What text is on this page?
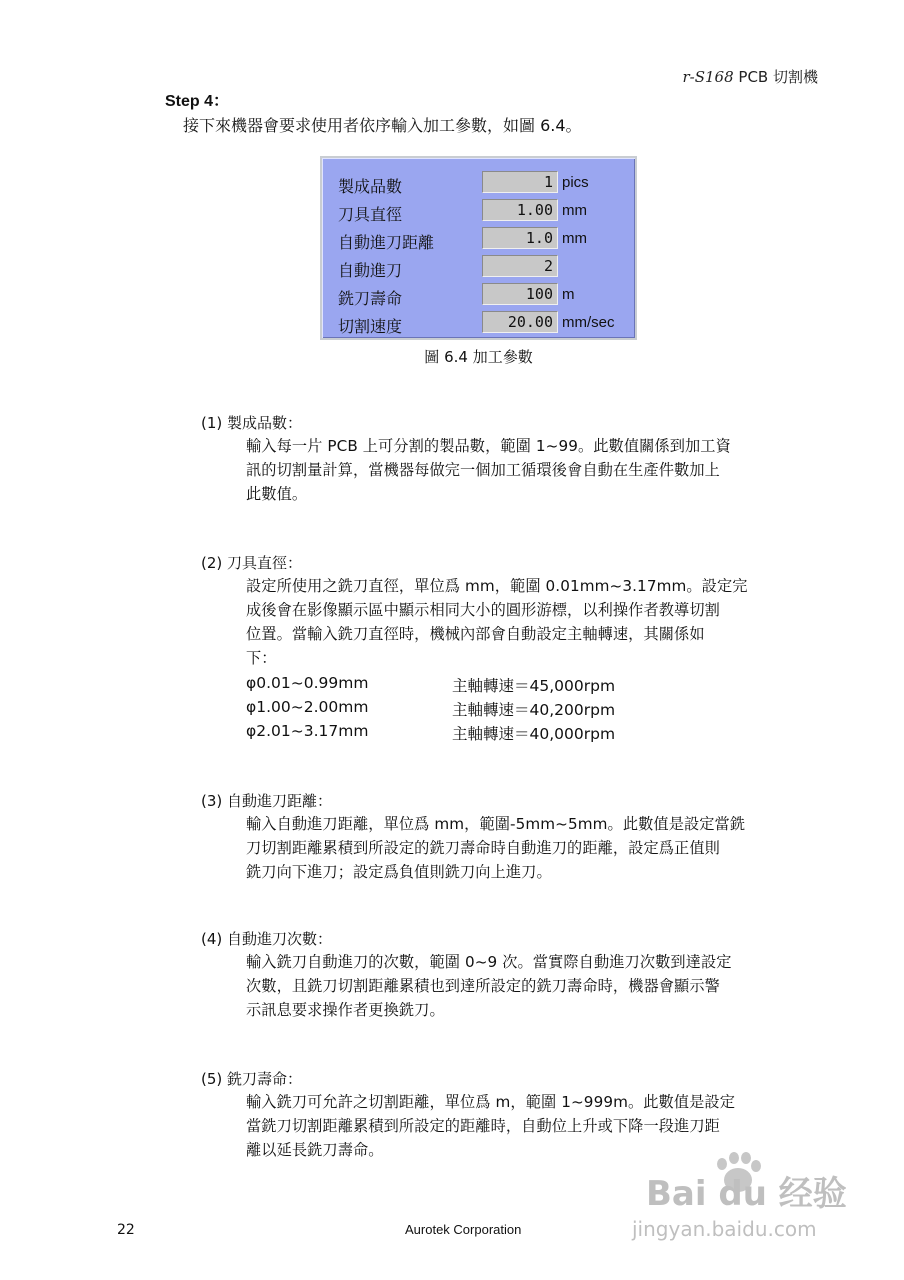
r-S168 PCB 切割機
Step 4：
接下來機器會要求使用者依序輸入加工參數，如圖 6.4。
製成品數	1 pics
刀具直徑	1.00 mm
自動進刀距離	1.0 mm
自動進刀	2
銑刀壽命	100 m
切割速度	20.00 mm/sec
圖 6.4 加工參數
(1) 製成品數：
輸入每一片 PCB 上可分割的製品數，範圍 1~99。此數值關係到加工資
訊的切割量計算，當機器每做完一個加工循環後會自動在生產件數加上
此數值。
(2) 刀具直徑：
設定所使用之銑刀直徑，單位爲 mm，範圍 0.01mm~3.17mm。設定完
成後會在影像顯示區中顯示相同大小的圓形游標，以利操作者教導切割
位置。當輸入銑刀直徑時，機械內部會自動設定主軸轉速，其關係如
下：
φ0.01~0.99mm	主軸轉速＝45,000rpm
φ1.00~2.00mm	主軸轉速＝40,200rpm
φ2.01~3.17mm	主軸轉速＝40,000rpm
(3) 自動進刀距離：
輸入自動進刀距離，單位爲 mm，範圍-5mm~5mm。此數值是設定當銑
刀切割距離累積到所設定的銑刀壽命時自動進刀的距離，設定爲正值則
銑刀向下進刀；設定爲負值則銑刀向上進刀。
(4) 自動進刀次數：
輸入銑刀自動進刀的次數，範圍 0~9 次。當實際自動進刀次數到達設定
次數，且銑刀切割距離累積也到達所設定的銑刀壽命時，機器會顯示警
示訊息要求操作者更換銑刀。
(5) 銑刀壽命：
輸入銑刀可允許之切割距離，單位爲 m，範圍 1~999m。此數值是設定
當銑刀切割距離累積到所設定的距離時，自動位上升或下降一段進刀距
離以延長銑刀壽命。
22	Aurotek Corporation
Bai du 经验
jingyan.baidu.com
